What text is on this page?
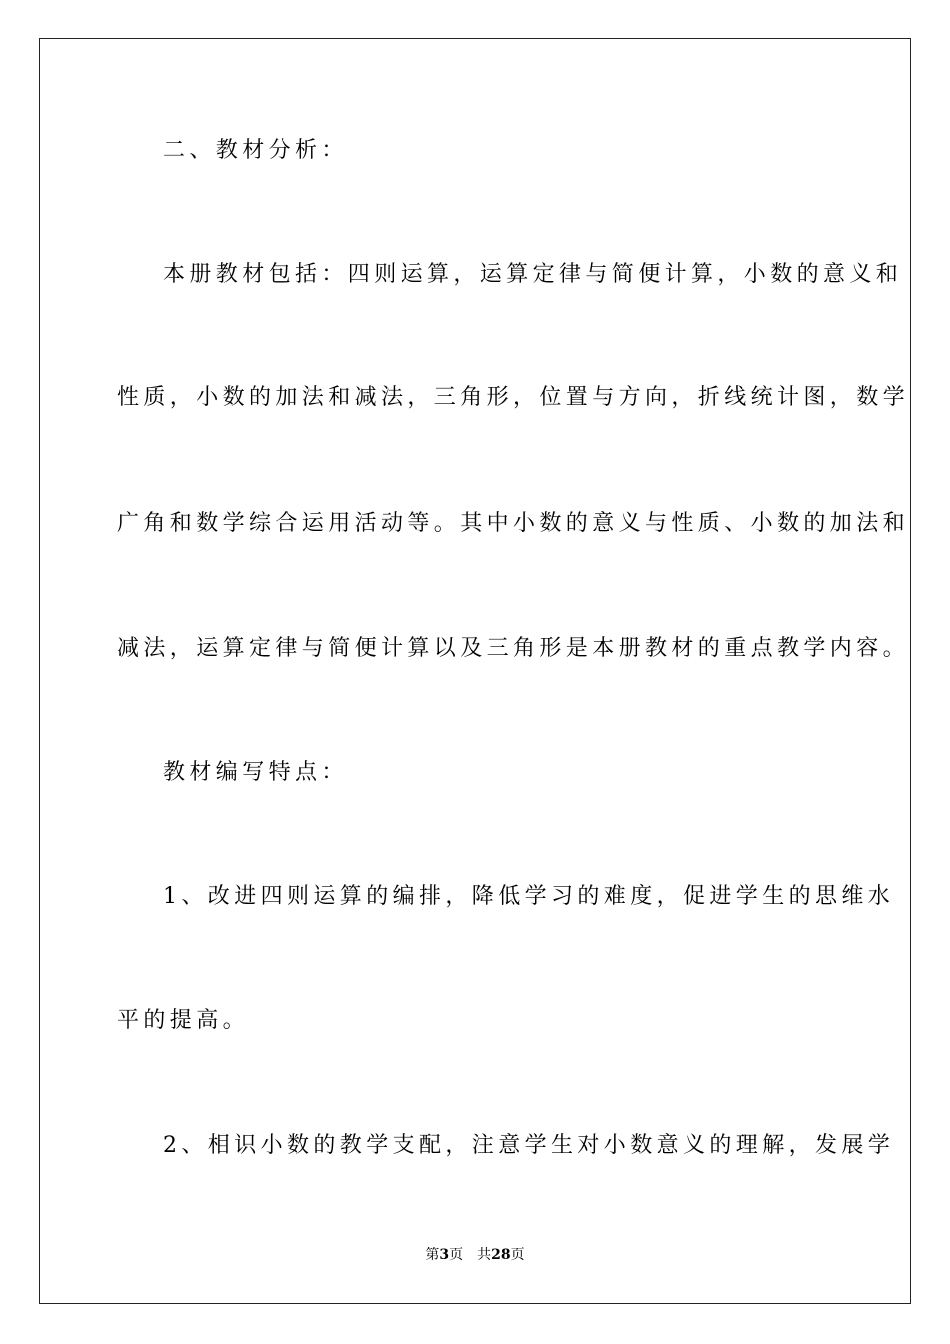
二、教材分析：
本册教材包括：四则运算，运算定律与简便计算，小数的意义和
性质，小数的加法和减法，三角形，位置与方向，折线统计图，数学
广角和数学综合运用活动等。其中小数的意义与性质、小数的加法和
减法，运算定律与简便计算以及三角形是本册教材的重点教学内容。
教材编写特点：
1、改进四则运算的编排，降低学习的难度，促进学生的思维水
平的提高。
2、相识小数的教学支配，注意学生对小数意义的理解，发展学
第3页 共28页
